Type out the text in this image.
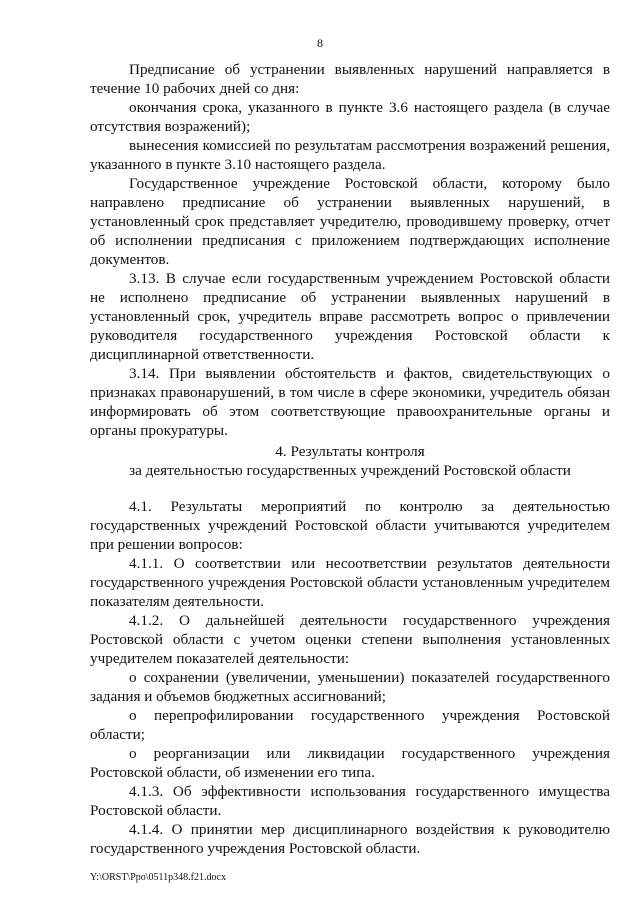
8

Предписание об устранении выявленных нарушений направляется в течение 10 рабочих дней со дня:

окончания срока, указанного в пункте 3.6 настоящего раздела (в случае отсутствия возражений);

вынесения комиссией по результатам рассмотрения возражений решения, указанного в пункте 3.10 настоящего раздела.

Государственное учреждение Ростовской области, которому было направлено предписание об устранении выявленных нарушений, в установленный срок представляет учредителю, проводившему проверку, отчет об исполнении предписания с приложением подтверждающих исполнение документов.

3.13. В случае если государственным учреждением Ростовской области не исполнено предписание об устранении выявленных нарушений в установленный срок, учредитель вправе рассмотреть вопрос о привлечении руководителя государственного учреждения Ростовской области к дисциплинарной ответственности.

3.14. При выявлении обстоятельств и фактов, свидетельствующих о признаках правонарушений, в том числе в сфере экономики, учредитель обязан информировать об этом соответствующие правоохранительные органы и органы прокуратуры.

4. Результаты контроля

за деятельностью государственных учреждений Ростовской области

4.1. Результаты мероприятий по контролю за деятельностью государственных учреждений Ростовской области учитываются учредителем при решении вопросов:

4.1.1. О соответствии или несоответствии результатов деятельности государственного учреждения Ростовской области установленным учредителем показателям деятельности.

4.1.2. О дальнейшей деятельности государственного учреждения Ростовской области с учетом оценки степени выполнения установленных учредителем показателей деятельности:

о сохранении (увеличении, уменьшении) показателей государственного задания и объемов бюджетных ассигнований;

о перепрофилировании государственного учреждения Ростовской области;

о реорганизации или ликвидации государственного учреждения Ростовской области, об изменении его типа.

4.1.3. Об эффективности использования государственного имущества Ростовской области.

4.1.4. О принятии мер дисциплинарного воздействия к руководителю государственного учреждения Ростовской области.

Y:\ORST\Ppo\0511p348.f21.docx
